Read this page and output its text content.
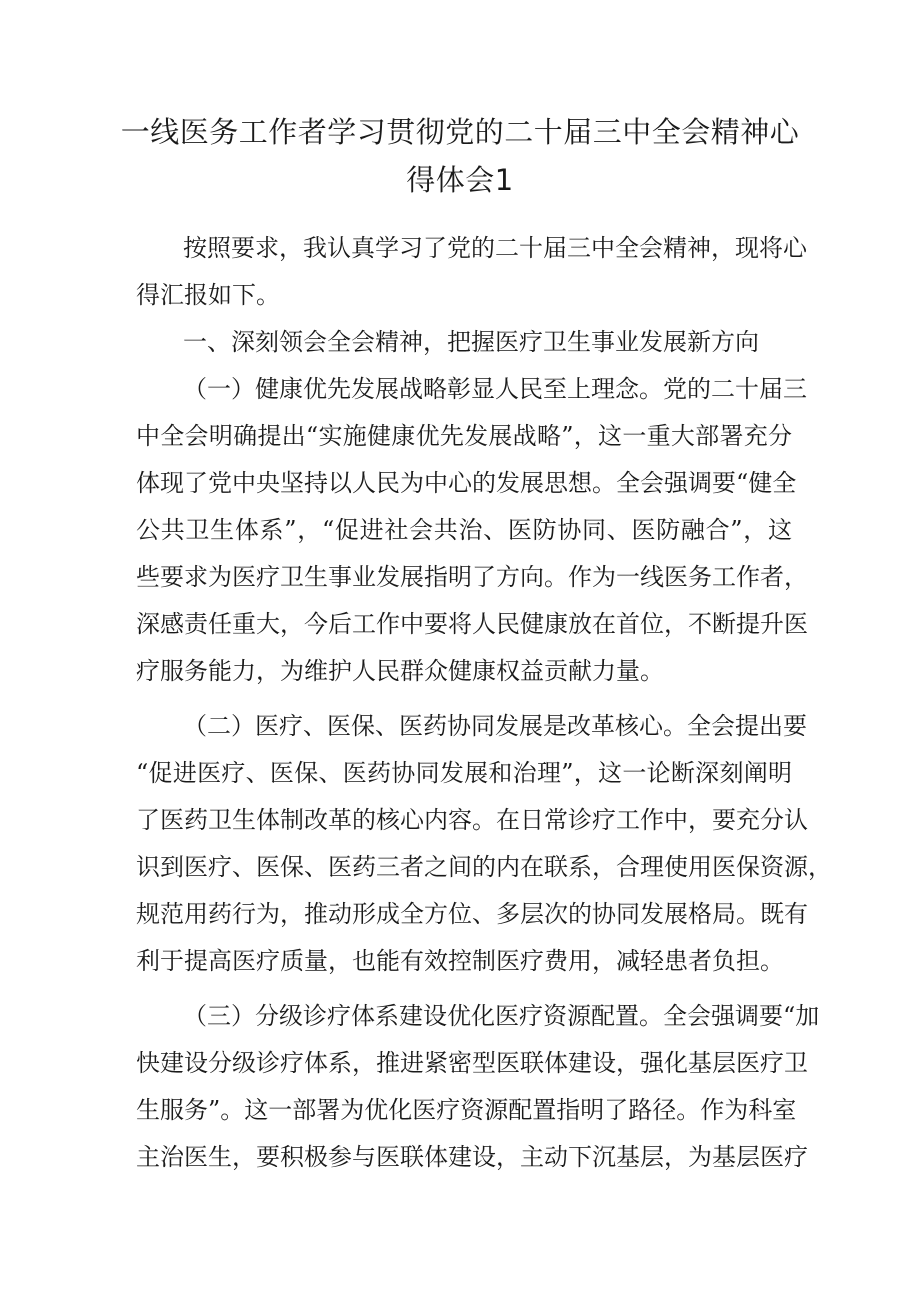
一线医务工作者学习贯彻党的二十届三中全会精神心
得体会1

按照要求，我认真学习了党的二十届三中全会精神，现将心

得汇报如下。

一、深刻领会全会精神，把握医疗卫生事业发展新方向

（一）健康优先发展战略彰显人民至上理念。党的二十届三

中全会明确提出“实施健康优先发展战略”，这一重大部署充分

体现了党中央坚持以人民为中心的发展思想。全会强调要“健全

公共卫生体系”，“促进社会共治、医防协同、医防融合”，这

些要求为医疗卫生事业发展指明了方向。作为一线医务工作者，

深感责任重大，今后工作中要将人民健康放在首位，不断提升医

疗服务能力，为维护人民群众健康权益贡献力量。

（二）医疗、医保、医药协同发展是改革核心。全会提出要

“促进医疗、医保、医药协同发展和治理”，这一论断深刻阐明

了医药卫生体制改革的核心内容。在日常诊疗工作中，要充分认

识到医疗、医保、医药三者之间的内在联系，合理使用医保资源，

规范用药行为，推动形成全方位、多层次的协同发展格局。既有

利于提高医疗质量，也能有效控制医疗费用，减轻患者负担。

（三）分级诊疗体系建设优化医疗资源配置。全会强调要“加

快建设分级诊疗体系，推进紧密型医联体建设，强化基层医疗卫

生服务”。这一部署为优化医疗资源配置指明了路径。作为科室

主治医生，要积极参与医联体建设，主动下沉基层，为基层医疗
